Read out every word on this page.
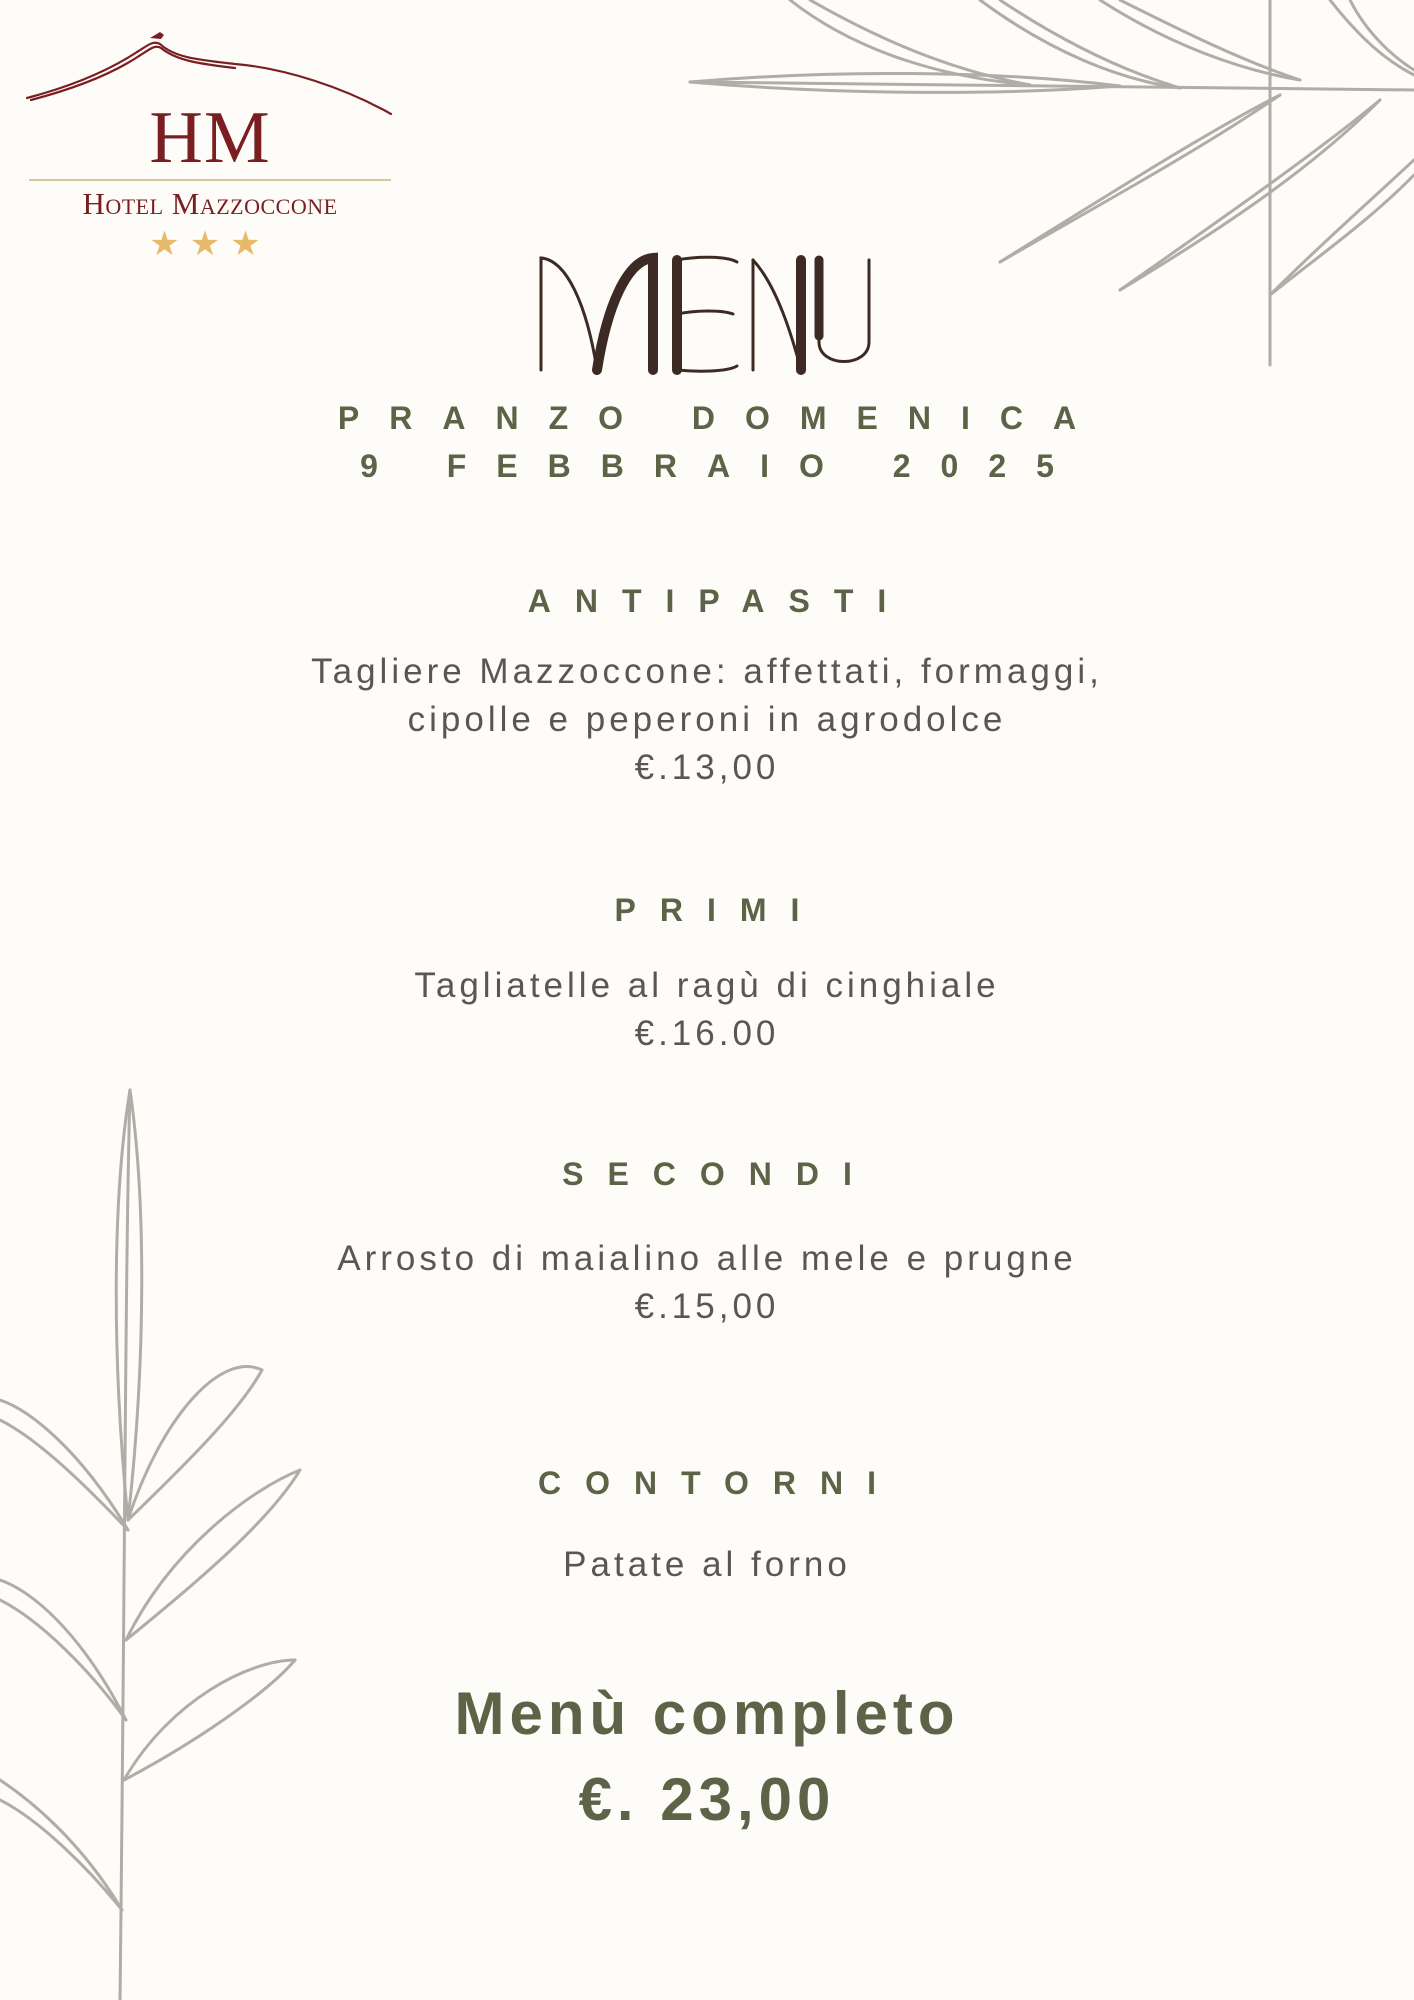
HM
Hotel Mazzoccone
★★★	MENU
PRANZO DOMENICA
9 FEBBRAIO 2025
ANTIPASTI
Tagliere Mazzoccone: affettati, formaggi,
cipolle e peperoni in agrodolce
€.13,00
PRIMI
Tagliatelle al ragù di cinghiale
€.16.00
SECONDI
Arrosto di maialino alle mele e prugne
€.15,00
CONTORNI
Patate al forno
Menù completo
€. 23,00
